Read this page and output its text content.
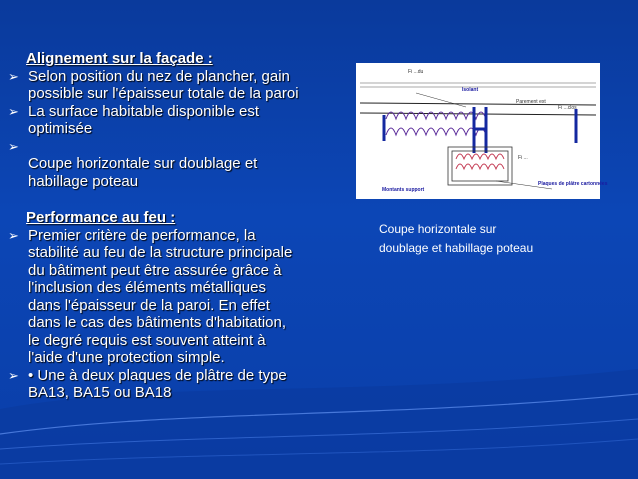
Alignement sur la façade :
➢ Selon position du nez de plancher, gain
possible sur l'épaisseur totale de la paroi
➢ La surface habitable disponible est
optimisée
➢
Coupe horizontale sur doublage et
habillage poteau
Performance au feu :
➢ Premier critère de performance, la
stabilité au feu de la structure principale
du bâtiment peut être assurée grâce à
l'inclusion des éléments métalliques
dans l'épaisseur de la paroi. En effet
dans le cas des bâtiments d'habitation,
le degré requis est souvent atteint à
l'aide d'une protection simple.
➢ • Une à deux plaques de plâtre de type
BA13, BA15 ou BA18
Fi ...du
Isolant
Parement ext
Fi ...clos
Fi ...
Montants support
Plaques de plâtre cartonnées
Coupe horizontale sur
doublage et habillage poteau
